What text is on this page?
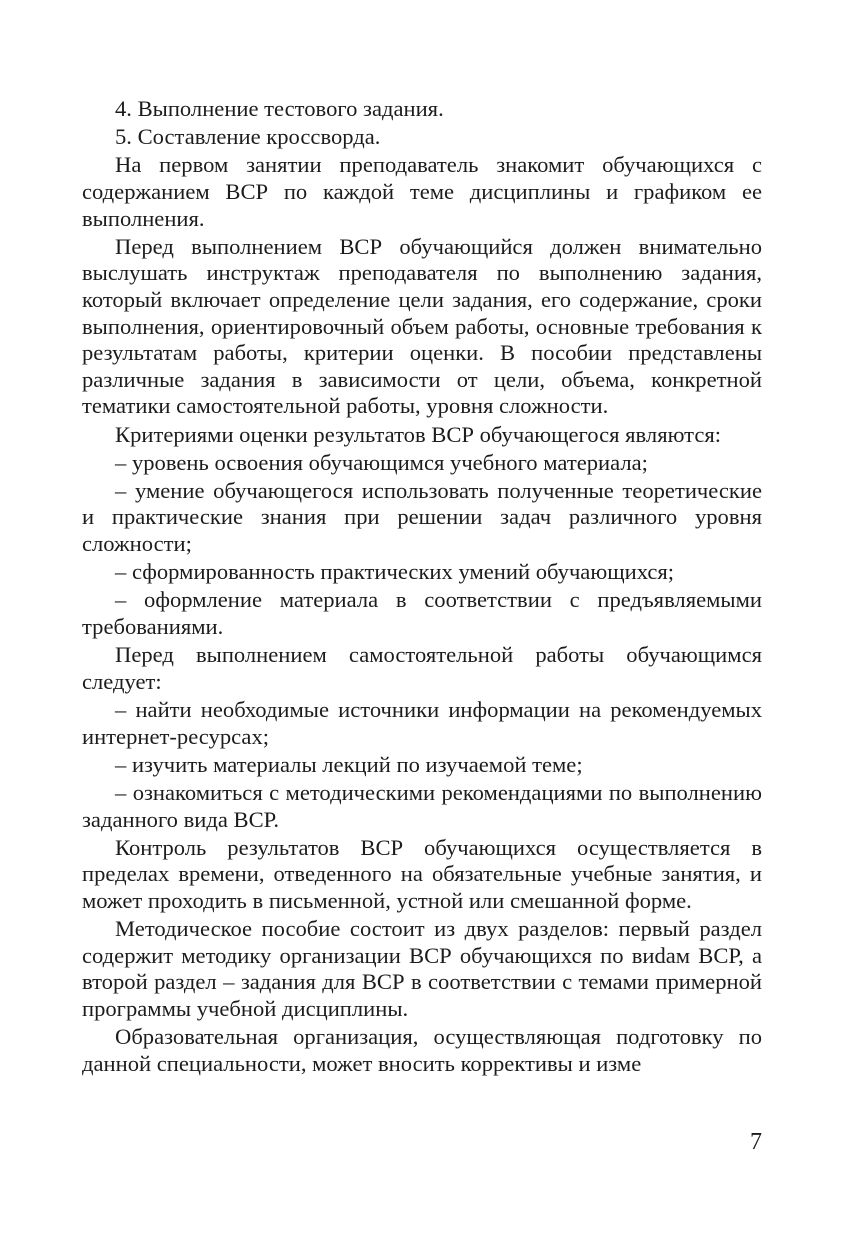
4. Выполнение тестового задания.

5. Составление кроссворда.

На первом занятии преподаватель знакомит обучающихся с содержанием ВСР по каждой теме дисциплины и графиком ее выполнения.

Перед выполнением ВСР обучающийся должен внимательно выслушать инструктаж преподавателя по выполнению задания, который включает определение цели задания, его содержание, сроки выполнения, ориентировочный объем работы, основные требования к результатам работы, критерии оценки. В пособии представлены различные задания в зависимости от цели, объема, конкретной тематики самостоятельной работы, уровня сложности.

Критериями оценки результатов ВСР обучающегося являются:

– уровень освоения обучающимся учебного материала;

– умение обучающегося использовать полученные теоретические и практические знания при решении задач различного уровня сложности;

– сформированность практических умений обучающихся;

– оформление материала в соответствии с предъявляемыми требованиями.

Перед выполнением самостоятельной работы обучающимся следует:

– найти необходимые источники информации на рекомендуемых интернет-ресурсах;

– изучить материалы лекций по изучаемой теме;

– ознакомиться с методическими рекомендациями по выполнению заданного вида ВСР.

Контроль результатов ВСР обучающихся осуществляется в пределах времени, отведенного на обязательные учебные занятия, и может проходить в письменной, устной или смешанной форме.

Методическое пособие состоит из двух разделов: первый раздел содержит методику организации ВСР обучающихся по виdам ВСР, а второй раздел – задания для ВСР в соответствии с темами примерной программы учебной дисциплины.

Образовательная организация, осуществляющая подготовку по данной специальности, может вносить коррективы и изме

7
